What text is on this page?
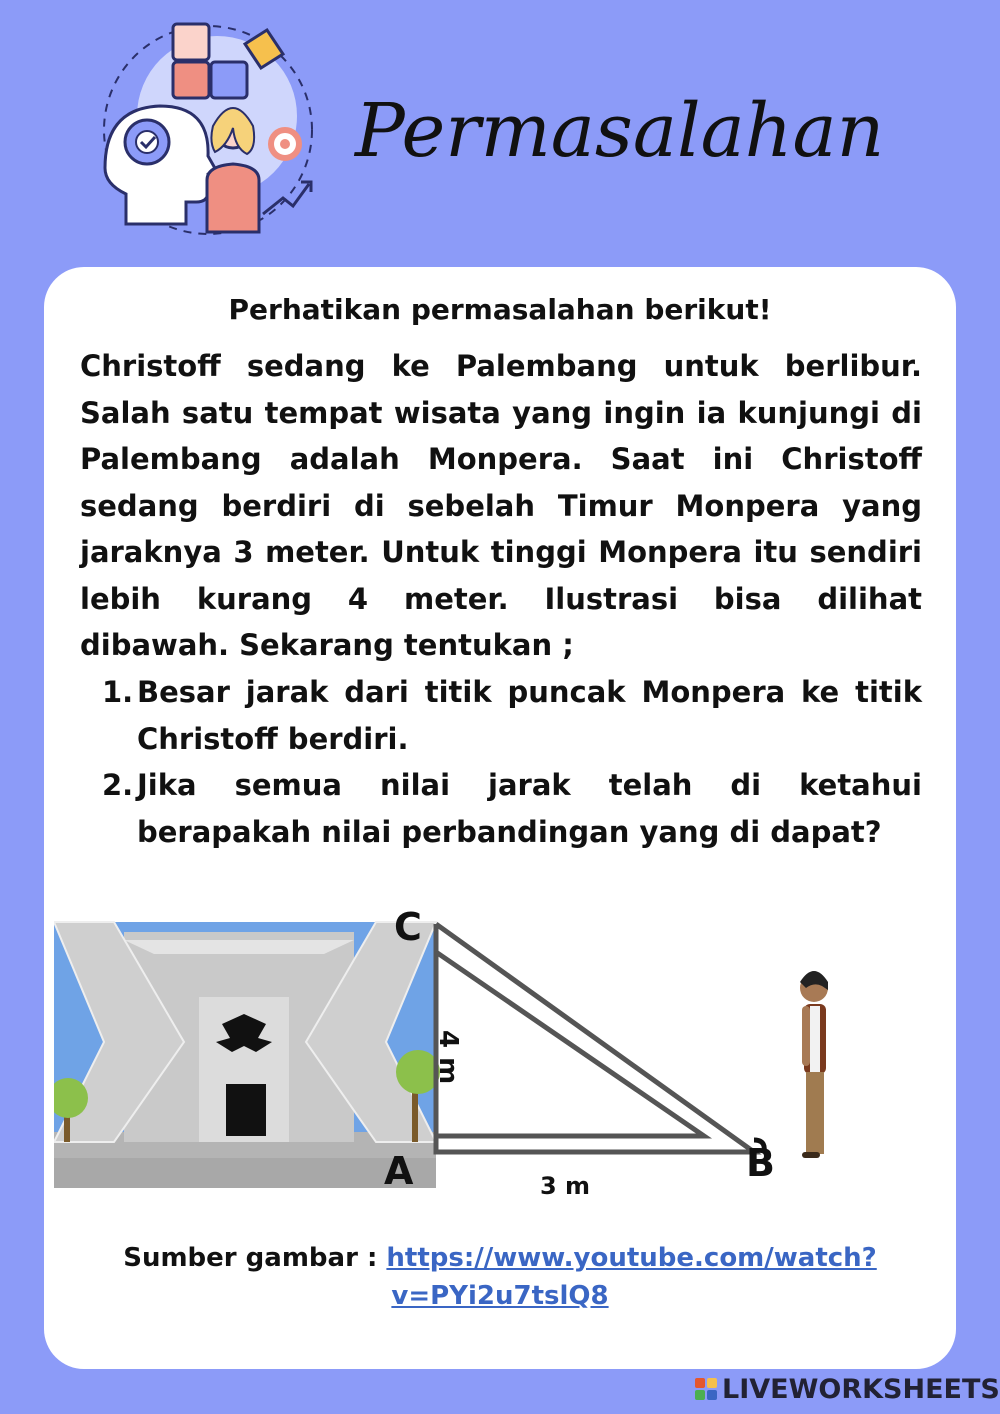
Permasalahan
Perhatikan permasalahan berikut!

Christoff sedang ke Palembang untuk berlibur. Salah satu tempat wisata yang ingin ia kunjungi di Palembang adalah Monpera. Saat ini Christoff sedang berdiri di sebelah Timur Monpera yang jaraknya 3 meter. Untuk tinggi Monpera itu sendiri lebih kurang 4 meter. Ilustrasi bisa dilihat dibawah. Sekarang tentukan ;

1. Besar jarak dari titik puncak Monpera ke titik Christoff berdiri.
2. Jika semua nilai jarak telah di ketahui berapakah nilai perbandingan yang di dapat?
C
A	B
4 m
3 m
Sumber gambar : https://www.youtube.com/watch?
v=PYi2u7tslQ8

LIVEWORKSHEETS
